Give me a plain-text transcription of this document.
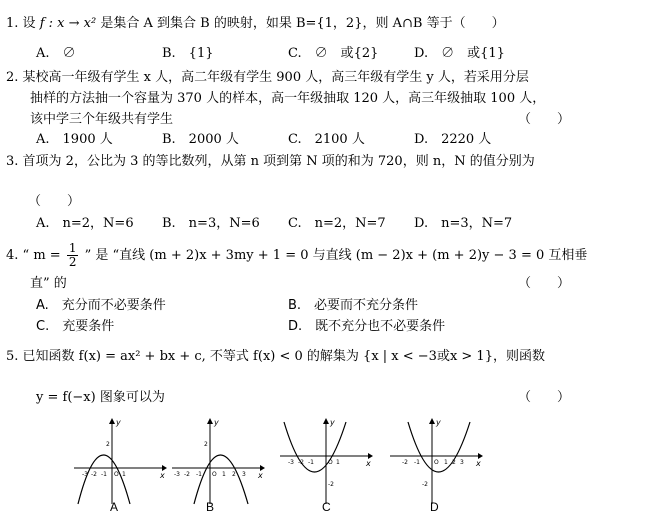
1. 设 f : x → x² 是集合 A 到集合 B 的映射，如果 B={1，2}，则 A∩B 等于（　　）
A.　∅	B.　{1}	C.　∅　或{2}	D.　∅　或{1}
2. 某校高一年级有学生 x 人，高二年级有学生 900 人，高三年级有学生 y 人，若采用分层
抽样的方法抽一个容量为 370 人的样本，高一年级抽取 120 人，高三年级抽取 100 人，
该中学三个年级共有学生	（　　）
A.　1900 人	B.　2000 人	C.　2100 人	D.　2220 人
3. 首项为 2，公比为 3 的等比数列，从第 n 项到第 N 项的和为 720，则 n，N 的值分别为
（　　）
A.　n=2，N=6 B.　n=3，N=6 C.　n=2，N=7 D.　n=3，N=7
4. “ $m = \frac{1}{2}$ ” 是 “直线 (m + 2)x + 3my + 1 = 0 与直线 (m − 2)x + (m + 2)y − 3 = 0 互相垂
直” 的	（　　）
A.　充分而不必要条件	B.　必要而不充分条件
C.　充要条件	D.　既不充分也不必要条件
5. 已知函数 f(x) = ax² + bx + c, 不等式 f(x) < 0 的解集为 {x | x < −3或x > 1}，则函数
y = f(−x) 图象可以为	（　　）
y
x
-3 -2 -1 O 1
2
A
y
x
-3 -2 -1 O 1 2 3
2
B
y
x
-3 -2 -1 O 1
-2
C
y
x
-2 -1 O 1 2 3
-2
D
